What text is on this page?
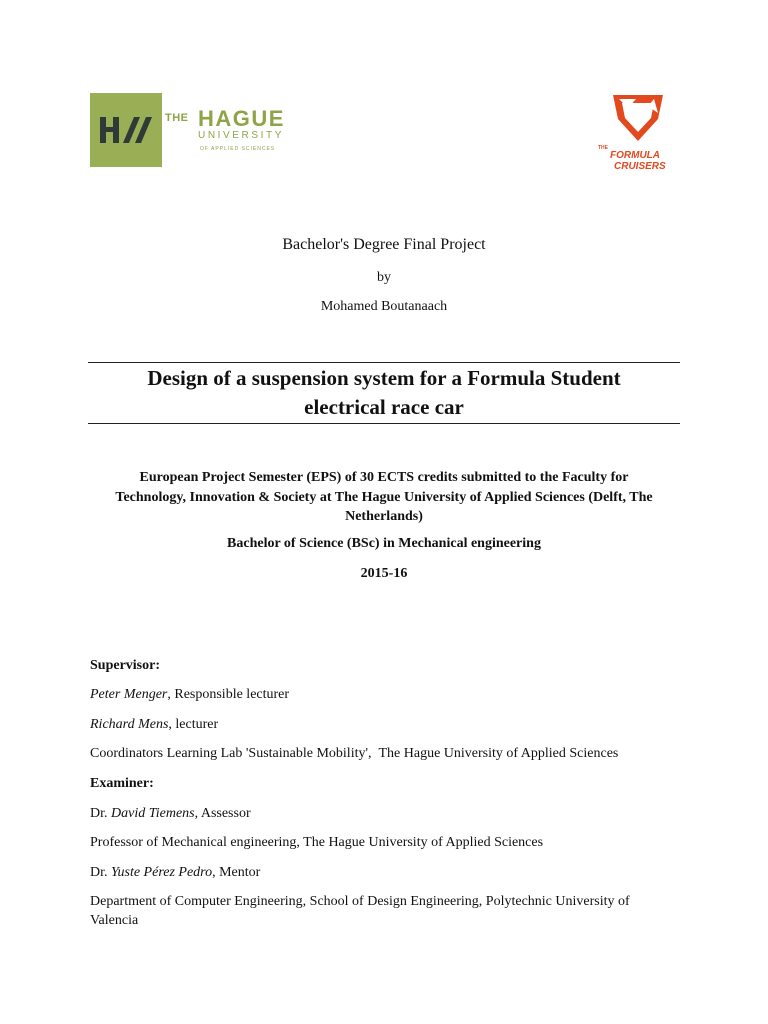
THE HAGUE
UNIVERSITY
OF APPLIED SCIENCES	THEFORMULA
CRUISERS
Bachelor's Degree Final Project
by
Mohamed Boutanaach
Design of a suspension system for a Formula Student
electrical race car
European Project Semester (EPS) of 30 ECTS credits submitted to the Faculty for
Technology, Innovation & Society at The Hague University of Applied Sciences (Delft, The
Netherlands)
Bachelor of Science (BSc) in Mechanical engineering
2015-16
Supervisor:
Peter Menger, Responsible lecturer
Richard Mens, lecturer
Coordinators Learning Lab 'Sustainable Mobility',  The Hague University of Applied Sciences
Examiner:
Dr. David Tiemens, Assessor
Professor of Mechanical engineering, The Hague University of Applied Sciences
Dr. Yuste Pérez Pedro, Mentor
Department of Computer Engineering, School of Design Engineering, Polytechnic University of
Valencia
